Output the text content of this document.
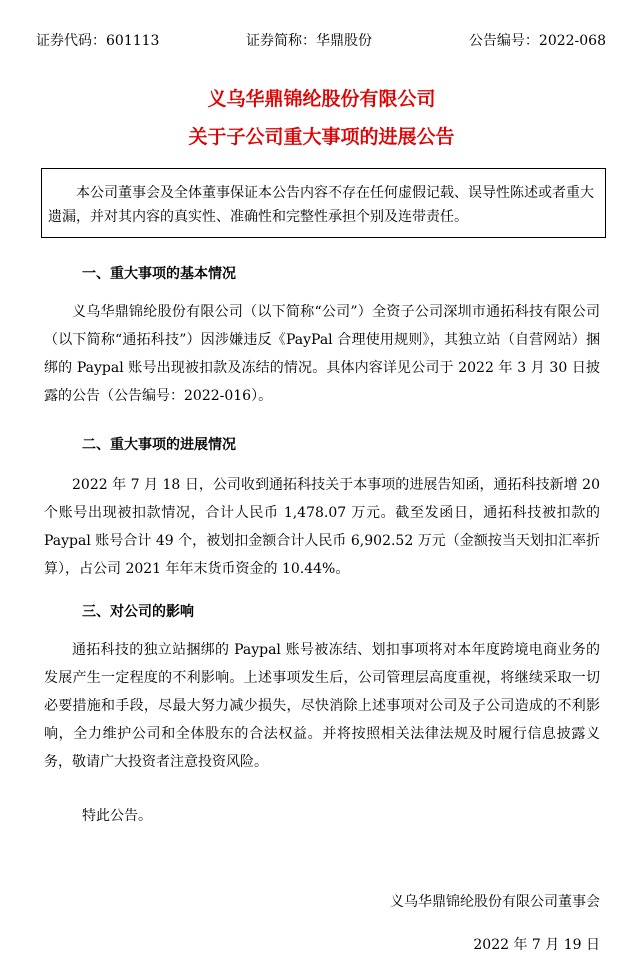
证券代码：601113	证券简称：华鼎股份	公告编号：2022-068
义乌华鼎锦纶股份有限公司
关于子公司重大事项的进展公告
本公司董事会及全体董事保证本公告内容不存在任何虚假记载、误导性陈述或者重大遗漏，并对其内容的真实性、准确性和完整性承担个别及连带责任。
一、重大事项的基本情况
义乌华鼎锦纶股份有限公司（以下简称“公司”）全资子公司深圳市通拓科技有限公司（以下简称“通拓科技”）因涉嫌违反《PayPal 合理使用规则》，其独立站（自营网站）捆绑的 Paypal 账号出现被扣款及冻结的情况。具体内容详见公司于 2022 年 3 月 30 日披露的公告（公告编号：2022-016）。
二、重大事项的进展情况
2022 年 7 月 18 日，公司收到通拓科技关于本事项的进展告知函，通拓科技新增 20 个账号出现被扣款情况，合计人民币 1,478.07 万元。截至发函日，通拓科技被扣款的 Paypal 账号合计 49 个，被划扣金额合计人民币 6,902.52 万元（金额按当天划扣汇率折算），占公司 2021 年年末货币资金的 10.44%。
三、对公司的影响
通拓科技的独立站捆绑的 Paypal 账号被冻结、划扣事项将对本年度跨境电商业务的发展产生一定程度的不利影响。上述事项发生后，公司管理层高度重视，将继续采取一切必要措施和手段，尽最大努力减少损失，尽快消除上述事项对公司及子公司造成的不利影响，全力维护公司和全体股东的合法权益。并将按照相关法律法规及时履行信息披露义务，敬请广大投资者注意投资风险。
特此公告。
义乌华鼎锦纶股份有限公司董事会
2022 年 7 月 19 日
